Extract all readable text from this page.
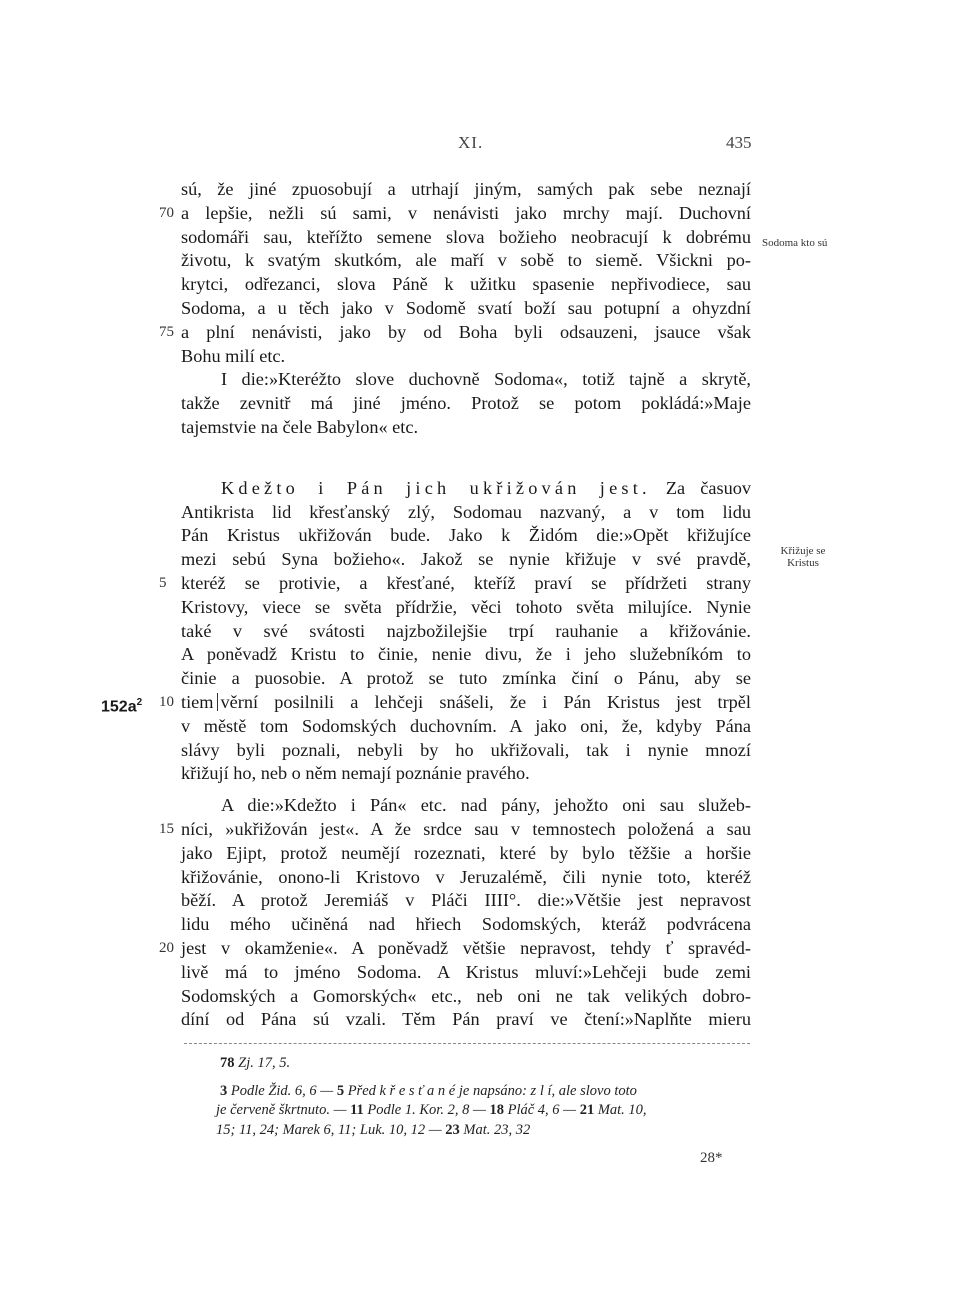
XI.	435
Sodoma kto sú
Křižuje se
Kristus
sú, že jiné zpuosobují a utrhají jiným, samých pak sebe neznají
70 a lepšie, nežli sú sami, v nenávisti jako mrchy mají. Duchovní
sodomáři sau, kteřížto semene slova božieho neobracují k dobrému
životu, k svatým skutkóm, ale maří v sobě to siemě. Všickni po-
krytci, odřezanci, slova Páně k užitku spasenie nepřivodiece, sau
Sodoma, a u těch jako v Sodomě svatí boží sau potupní a ohyzdní
75 a plní nenávisti, jako by od Boha byli odsauzeni, jsauce však
Bohu milí etc.
I die:»Kteréžto slove duchovně Sodoma«, totiž tajně a skrytě,
takže zevnitř má jiné jméno. Protož se potom pokládá:»Maje
tajemstvie na čele Babylon« etc.
Kdežto i Pán jich ukřižován jest. Za časuov
Antikrista lid křesťanský zlý, Sodomau nazvaný, a v tom lidu
Pán Kristus ukřižován bude. Jako k Židóm die:»Opět křižujíce
mezi sebú Syna božieho«. Jakož se nynie křižuje v své pravdě,
5 kteréž se protivie, a křesťané, kteříž praví se přídržeti strany
Kristovy, viece se světa přídržie, věci tohoto světa milujíce. Nynie
také v své svátosti najzbožilejšie trpí rauhanie a křižovánie.
A poněvadž Kristu to činie, nenie divu, že i jeho služebníkóm to
činie a puosobie. A protož se tuto zmínka činí o Pánu, aby se
$152a^2$ 10 tiem věrní posilnili a lehčeji snášeli, že i Pán Kristus jest trpěl
v městě tom Sodomských duchovním. A jako oni, že, kdyby Pána
slávy byli poznali, nebyli by ho ukřižovali, tak i nynie mnozí
křižují ho, neb o něm nemají poznánie pravého.
A die:»Kdežto i Pán« etc. nad pány, jehožto oni sau služeb-
15 níci, »ukřižován jest«. A že srdce sau v temnostech položená a sau
jako Ejipt, protož neumějí rozeznati, které by bylo těžšie a horšie
křižovánie, onono-li Kristovo v Jeruzalémě, čili nynie toto, kteréž
běží. A protož Jeremiáš v Pláči IIII°. die:»Většie jest nepravost
lidu mého učiněná nad hřiech Sodomských, kteráž podvrácena
20 jest v okamženie«. A poněvadž většie nepravost, tehdy ť spravéd-
livě má to jméno Sodoma. A Kristus mluví:»Lehčeji bude zemi
Sodomských a Gomorských« etc., neb oni ne tak velikých dobro-
díní od Pána sú vzali. Těm Pán praví ve čtení:»Naplňte mieru
78 Zj. 17, 5.
3 Podle Žid. 6, 6 — 5 Před k ř e s ť a n é je napsáno: z l í, ale slovo toto
je červeně škrtnuto. — 11 Podle 1. Kor. 2, 8 — 18 Pláč 4, 6 — 21 Mat. 10,
15; 11, 24; Marek 6, 11; Luk. 10, 12 — 23 Mat. 23, 32
28*
